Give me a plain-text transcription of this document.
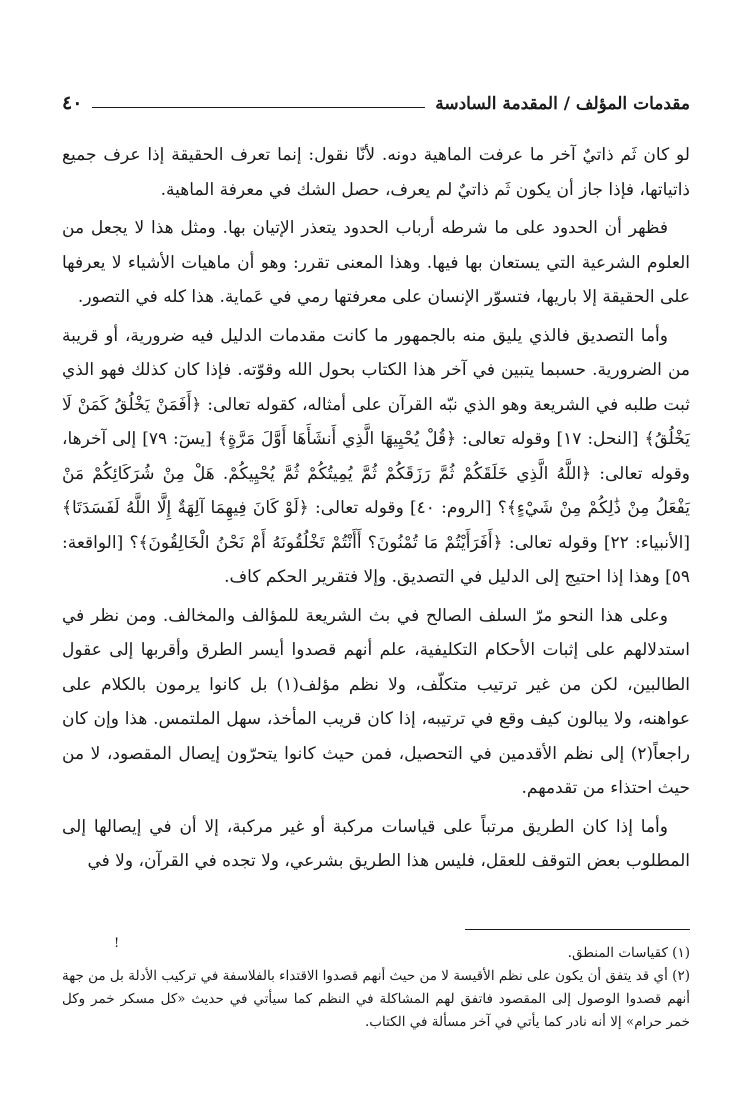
مقدمات المؤلف / المقدمة السادسة
٤٠

لو كان ثَم ذاتيٌ آخر ما عرفت الماهية دونه. لأنّا نقول: إنما تعرف الحقيقة إذا عرف جميع ذاتياتها، فإذا جاز أن يكون ثَم ذاتيٌ لم يعرف، حصل الشك في معرفة الماهية.

فظهر أن الحدود على ما شرطه أرباب الحدود يتعذر الإتيان بها. ومثل هذا لا يجعل من العلوم الشرعية التي يستعان بها فيها. وهذا المعنى تقرر: وهو أن ماهيات الأشياء لا يعرفها على الحقيقة إلا باريها، فتسوّر الإنسان على معرفتها رمي في عَماية. هذا كله في التصور.

وأما التصديق فالذي يليق منه بالجمهور ما كانت مقدمات الدليل فيه ضرورية، أو قريبة من الضرورية. حسبما يتبين في آخر هذا الكتاب بحول الله وقوّته. فإذا كان كذلك فهو الذي ثبت طلبه في الشريعة وهو الذي نبّه القرآن على أمثاله، كقوله تعالى: ﴿أَفَمَنْ يَخْلُقُ كَمَنْ لَا يَخْلُقُ﴾ [النحل: ١٧] وقوله تعالى: ﴿قُلْ يُحْيِيهَا الَّذِي أَنشَأَهَا أَوَّلَ مَرَّةٍ﴾ [يسٓ: ٧٩] إلى آخرها، وقوله تعالى: ﴿اللَّهُ الَّذِي خَلَقَكُمْ ثُمَّ رَزَقَكُمْ ثُمَّ يُمِيتُكُمْ ثُمَّ يُحْيِيكُمْ. هَلْ مِنْ شُرَكَائِكُمْ مَنْ يَفْعَلُ مِنْ ذَٰلِكُمْ مِنْ شَيْءٍ﴾؟ [الروم: ٤٠] وقوله تعالى: ﴿لَوْ كَانَ فِيهِمَا آلِهَةٌ إِلَّا اللَّهُ لَفَسَدَتَا﴾ [الأنبياء: ٢٢] وقوله تعالى: ﴿أَفَرَأَيْتُمْ مَا تُمْنُونَ؟ أَأَنْتُمْ تَخْلُقُونَهُ أَمْ نَحْنُ الْخَالِقُونَ﴾؟ [الواقعة: ٥٩] وهذا إذا احتيج إلى الدليل في التصديق. وإلا فتقرير الحكم كاف.

وعلى هذا النحو مرّ السلف الصالح في بث الشريعة للمؤالف والمخالف. ومن نظر في استدلالهم على إثبات الأحكام التكليفية، علم أنهم قصدوا أيسر الطرق وأقربها إلى عقول الطالبين، لكن من غير ترتيب متكلّف، ولا نظم مؤلف(١) بل كانوا يرمون بالكلام على عواهنه، ولا يبالون كيف وقع في ترتيبه، إذا كان قريب المأخذ، سهل الملتمس. هذا وإن كان راجعاً(٢) إلى نظم الأقدمين في التحصيل، فمن حيث كانوا يتحرّون إيصال المقصود، لا من حيث احتذاء من تقدمهم.

وأما إذا كان الطريق مرتباً على قياسات مركبة أو غير مركبة، إلا أن في إيصالها إلى المطلوب بعض التوقف للعقل، فليس هذا الطريق بشرعي، ولا تجده في القرآن، ولا في

!

(١) كقياسات المنطق.

(٢) أي قد يتفق أن يكون على نظم الأقيسة لا من حيث أنهم قصدوا الاقتداء بالفلاسفة في تركيب الأدلة بل من جهة أنهم قصدوا الوصول إلى المقصود فاتفق لهم المشاكلة في النظم كما سيأتي في حديث «كل مسكر خمر وكل خمر حرام» إلا أنه نادر كما يأتي في آخر مسألة في الكتاب.
